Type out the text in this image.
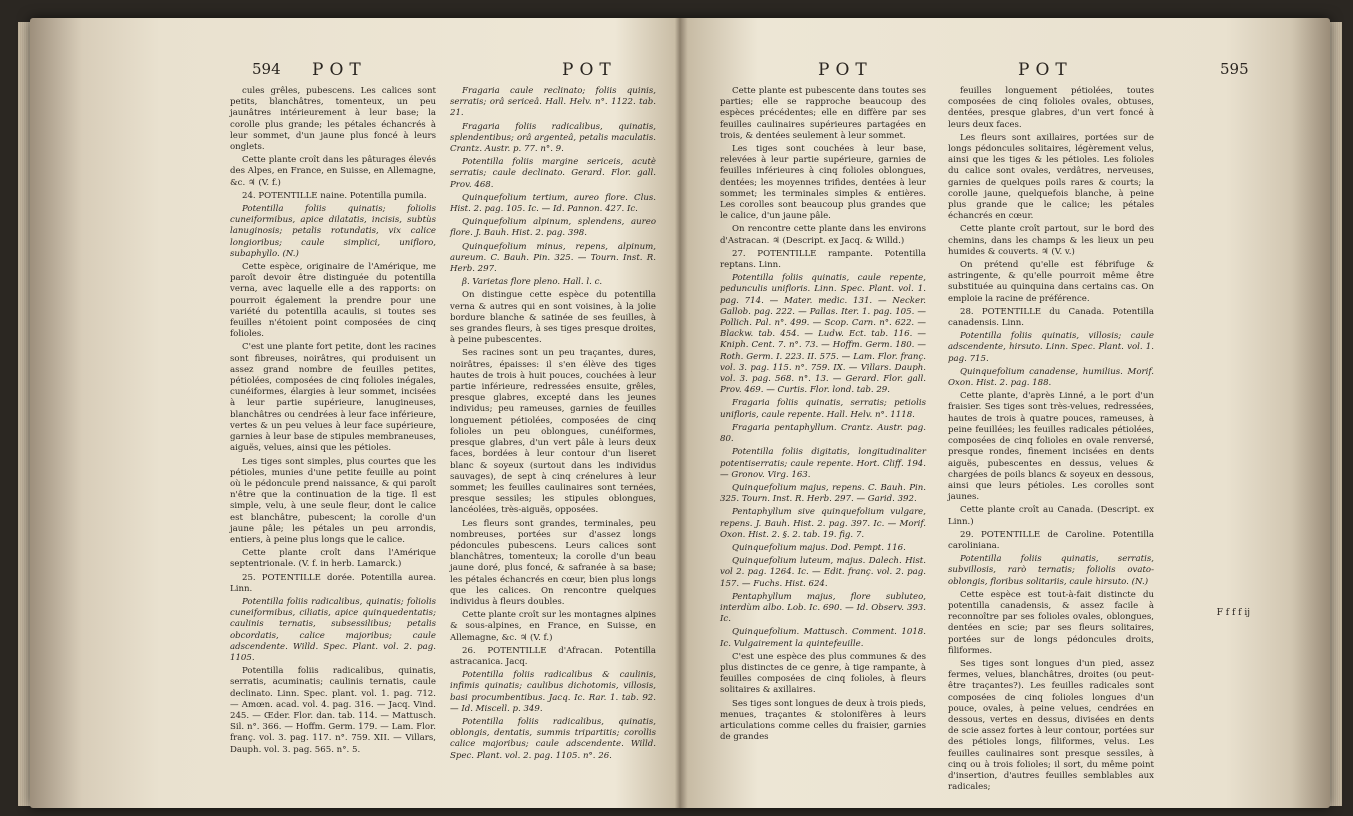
594 POT	POT

cules grêles, pubescens. Les calices sont petits, blanchâtres, tomenteux, un peu jaunâtres intérieurement à leur base; la corolle plus grande; les pétales échancrés à leur sommet, d'un jaune plus foncé à leurs onglets.

Cette plante croît dans les pâturages élevés des Alpes, en France, en Suisse, en Allemagne, &c. ♃ (V. f.)

24. POTENTILLE naine. Potentilla pumila.

Potentilla foliis quinatis; foliolis cuneiformibus, apice dilatatis, incisis, subtùs lanuginosis; petalis rotundatis, vix calice longioribus; caule simplici, unifloro, subaphyllo. (N.)

Cette espèce, originaire de l'Amérique, me paroît devoir être distinguée du potentilla verna, avec laquelle elle a des rapports: on pourroit également la prendre pour une variété du potentilla acaulis, si toutes ses feuilles n'étoient point composées de cinq folioles.

C'est une plante fort petite, dont les racines sont fibreuses, noirâtres, qui produisent un assez grand nombre de feuilles petites, pétiolées, composées de cinq folioles inégales, cunéiformes, élargies à leur sommet, incisées à leur partie supérieure, lanugineuses, blanchâtres ou cendrées à leur face inférieure, vertes & un peu velues à leur face supérieure, garnies à leur base de stipules membraneuses, aiguës, velues, ainsi que les pétioles.

Les tiges sont simples, plus courtes que les pétioles, munies d'une petite feuille au point où le pédoncule prend naissance, & qui paroît n'être que la continuation de la tige. Il est simple, velu, à une seule fleur, dont le calice est blanchâtre, pubescent; la corolle d'un jaune pâle; les pétales un peu arrondis, entiers, à peine plus longs que le calice.

Cette plante croît dans l'Amérique septentrionale. (V. f. in herb. Lamarck.)

25. POTENTILLE dorée. Potentilla aurea. Linn.

Potentilla foliis radicalibus, quinatis; foliolis cuneiformibus, ciliatis, apice quinquedentatis; caulinis ternatis, subsessilibus; petalis obcordatis, calice majoribus; caule adscendente. Willd. Spec. Plant. vol. 2. pag. 1105.

Potentilla foliis radicalibus, quinatis, serratis, acuminatis; caulinis ternatis, caule declinato. Linn. Spec. plant. vol. 1. pag. 712. — Amœn. acad. vol. 4. pag. 316. — Jacq. Vind. 245. — Œder. Flor. dan. tab. 114. — Mattusch. Sil. n°. 366. — Hoffm. Germ. 179. — Lam. Flor. franç. vol. 3. pag. 117. n°. 759. XII. — Villars, Dauph. vol. 3. pag. 565. n°. 5.

Fragaria caule reclinato; foliis quinis, serratis; orâ sericeâ. Hall. Helv. n°. 1122. tab. 21.

Fragaria foliis radicalibus, quinatis, splendentibus; orâ argenteâ, petalis maculatis. Crantz. Austr. p. 77. n°. 9.

Potentilla foliis margine sericeis, acutè serratis; caule declinato. Gerard. Flor. gall. Prov. 468.

Quinquefolium tertium, aureo flore. Clus. Hist. 2. pag. 105. Ic. — Id. Pannon. 427. Ic.

Quinquefolium alpinum, splendens, aureo flore. J. Bauh. Hist. 2. pag. 398.

Quinquefolium minus, repens, alpinum, aureum. C. Bauh. Pin. 325. — Tourn. Inst. R. Herb. 297.

β. Varietas flore pleno. Hall. l. c.

On distingue cette espèce du potentilla verna & autres qui en sont voisines, à la jolie bordure blanche & satinée de ses feuilles, à ses grandes fleurs, à ses tiges presque droites, à peine pubescentes.

Ses racines sont un peu traçantes, dures, noirâtres, épaisses: il s'en élève des tiges hautes de trois à huit pouces, couchées à leur partie inférieure, redressées ensuite, grêles, presque glabres, excepté dans les jeunes individus; peu rameuses, garnies de feuilles longuement pétiolées, composées de cinq folioles un peu oblongues, cunéiformes, presque glabres, d'un vert pâle à leurs deux faces, bordées à leur contour d'un liseret blanc & soyeux (surtout dans les individus sauvages), de sept à cinq crénelures à leur sommet; les feuilles caulinaires sont ternées, presque sessiles; les stipules oblongues, lancéolées, très-aiguës, opposées.

Les fleurs sont grandes, terminales, peu nombreuses, portées sur d'assez longs pédoncules pubescens. Leurs calices sont blanchâtres, tomenteux; la corolle d'un beau jaune doré, plus foncé, & safranée à sa base; les pétales échancrés en cœur, bien plus longs que les calices. On rencontre quelques individus à fleurs doubles.

Cette plante croît sur les montagnes alpines & sous-alpines, en France, en Suisse, en Allemagne, &c. ♃ (V. f.)

26. POTENTILLE d'Afracan. Potentilla astracanica. Jacq.

Potentilla foliis radicalibus & caulinis, infimis quinatis; caulibus dichotomis, villosis, basi procumbentibus. Jacq. Ic. Rar. 1. tab. 92. — Id. Miscell. p. 349.

Potentilla foliis radicalibus, quinatis, oblongis, dentatis, summis tripartitis; corollis calice majoribus; caule adscendente. Willd. Spec. Plant. vol. 2. pag. 1105. n°. 26.

POT	POT	595

Cette plante est pubescente dans toutes ses parties; elle se rapproche beaucoup des espèces précédentes; elle en diffère par ses feuilles caulinaires supérieures partagées en trois, & dentées seulement à leur sommet.

Les tiges sont couchées à leur base, relevées à leur partie supérieure, garnies de feuilles inférieures à cinq folioles oblongues, dentées; les moyennes trifides, dentées à leur sommet; les terminales simples & entières. Les corolles sont beaucoup plus grandes que le calice, d'un jaune pâle.

On rencontre cette plante dans les environs d'Astracan. ♃ (Descript. ex Jacq. & Willd.)

27. POTENTILLE rampante. Potentilla reptans. Linn.

Potentilla foliis quinatis, caule repente, pedunculis unifloris. Linn. Spec. Plant. vol. 1. pag. 714. — Mater. medic. 131. — Necker. Gallob. pag. 222. — Pallas. Iter. 1. pag. 105. — Pollich. Pal. n°. 499. — Scop. Carn. n°. 622. — Blackw. tab. 454. — Ludw. Ect. tab. 116. — Kniph. Cent. 7. n°. 73. — Hoffm. Germ. 180. — Roth. Germ. I. 223. II. 575. — Lam. Flor. franç. vol. 3. pag. 115. n°. 759. IX. — Villars. Dauph. vol. 3. pag. 568. n°. 13. — Gerard. Flor. gall. Prov. 469. — Curtis. Flor. lond. tab. 29.

Fragaria foliis quinatis, serratis; petiolis unifloris, caule repente. Hall. Helv. n°. 1118.

Fragaria pentaphyllum. Crantz. Austr. pag. 80.

Potentilla foliis digitatis, longitudinaliter potentiserratis; caule repente. Hort. Cliff. 194. — Gronov. Virg. 163.

Quinquefolium majus, repens. C. Bauh. Pin. 325. Tourn. Inst. R. Herb. 297. — Garid. 392.

Pentaphyllum sive quinquefolium vulgare, repens. J. Bauh. Hist. 2. pag. 397. Ic. — Morif. Oxon. Hist. 2. §. 2. tab. 19. fig. 7.

Quinquefolium majus. Dod. Pempt. 116.

Quinquefolium luteum, majus. Dalech. Hist. vol 2. pag. 1264. Ic. — Edit. franç. vol. 2. pag. 157. — Fuchs. Hist. 624.

Pentaphyllum majus, flore subluteo, interdùm albo. Lob. Ic. 690. — Id. Observ. 393. Ic.

Quinquefolium. Mattusch. Comment. 1018. Ic. Vulgairement la quintefeuille.

C'est une espèce des plus communes & des plus distinctes de ce genre, à tige rampante, à feuilles composées de cinq folioles, à fleurs solitaires & axillaires.

Ses tiges sont longues de deux à trois pieds, menues, traçantes & stolonifères à leurs articulations comme celles du fraisier, garnies de grandes

feuilles longuement pétiolées, toutes composées de cinq folioles ovales, obtuses, dentées, presque glabres, d'un vert foncé à leurs deux faces.

Les fleurs sont axillaires, portées sur de longs pédoncules solitaires, légèrement velus, ainsi que les tiges & les pétioles. Les folioles du calice sont ovales, verdâtres, nerveuses, garnies de quelques poils rares & courts; la corolle jaune, quelquefois blanche, à peine plus grande que le calice; les pétales échancrés en cœur.

Cette plante croît partout, sur le bord des chemins, dans les champs & les lieux un peu humides & couverts. ♃ (V. v.)

On prétend qu'elle est fébrifuge & astringente, & qu'elle pourroit même être substituée au quinquina dans certains cas. On emploie la racine de préférence.

28. POTENTILLE du Canada. Potentilla canadensis. Linn.

Potentilla foliis quinatis, villosis; caule adscendente, hirsuto. Linn. Spec. Plant. vol. 1. pag. 715.

Quinquefolium canadense, humilius. Morif. Oxon. Hist. 2. pag. 188.

Cette plante, d'après Linné, a le port d'un fraisier. Ses tiges sont très-velues, redressées, hautes de trois à quatre pouces, rameuses, à peine feuillées; les feuilles radicales pétiolées, composées de cinq folioles en ovale renversé, presque rondes, finement incisées en dents aiguës, pubescentes en dessus, velues & chargées de poils blancs & soyeux en dessous, ainsi que leurs pétioles. Les corolles sont jaunes.

Cette plante croît au Canada. (Descript. ex Linn.)

29. POTENTILLE de Caroline. Potentilla caroliniana.

Potentilla foliis quinatis, serratis, subvillosis, rarò ternatis; foliolis ovato-oblongis, floribus solitariis, caule hirsuto. (N.)

Cette espèce est tout-à-fait distincte du potentilla canadensis, & assez facile à reconnoître par ses folioles ovales, oblongues, dentées en scie; par ses fleurs solitaires, portées sur de longs pédoncules droits, filiformes.

Ses tiges sont longues d'un pied, assez fermes, velues, blanchâtres, droites (ou peut-être traçantes?). Les feuilles radicales sont composées de cinq folioles longues d'un pouce, ovales, à peine velues, cendrées en dessous, vertes en dessus, divisées en dents de scie assez fortes à leur contour, portées sur des pétioles longs, filiformes, velus. Les feuilles caulinaires sont presque sessiles, à cinq ou à trois folioles; il sort, du même point d'insertion, d'autres feuilles semblables aux radicales;

F f f f ij
